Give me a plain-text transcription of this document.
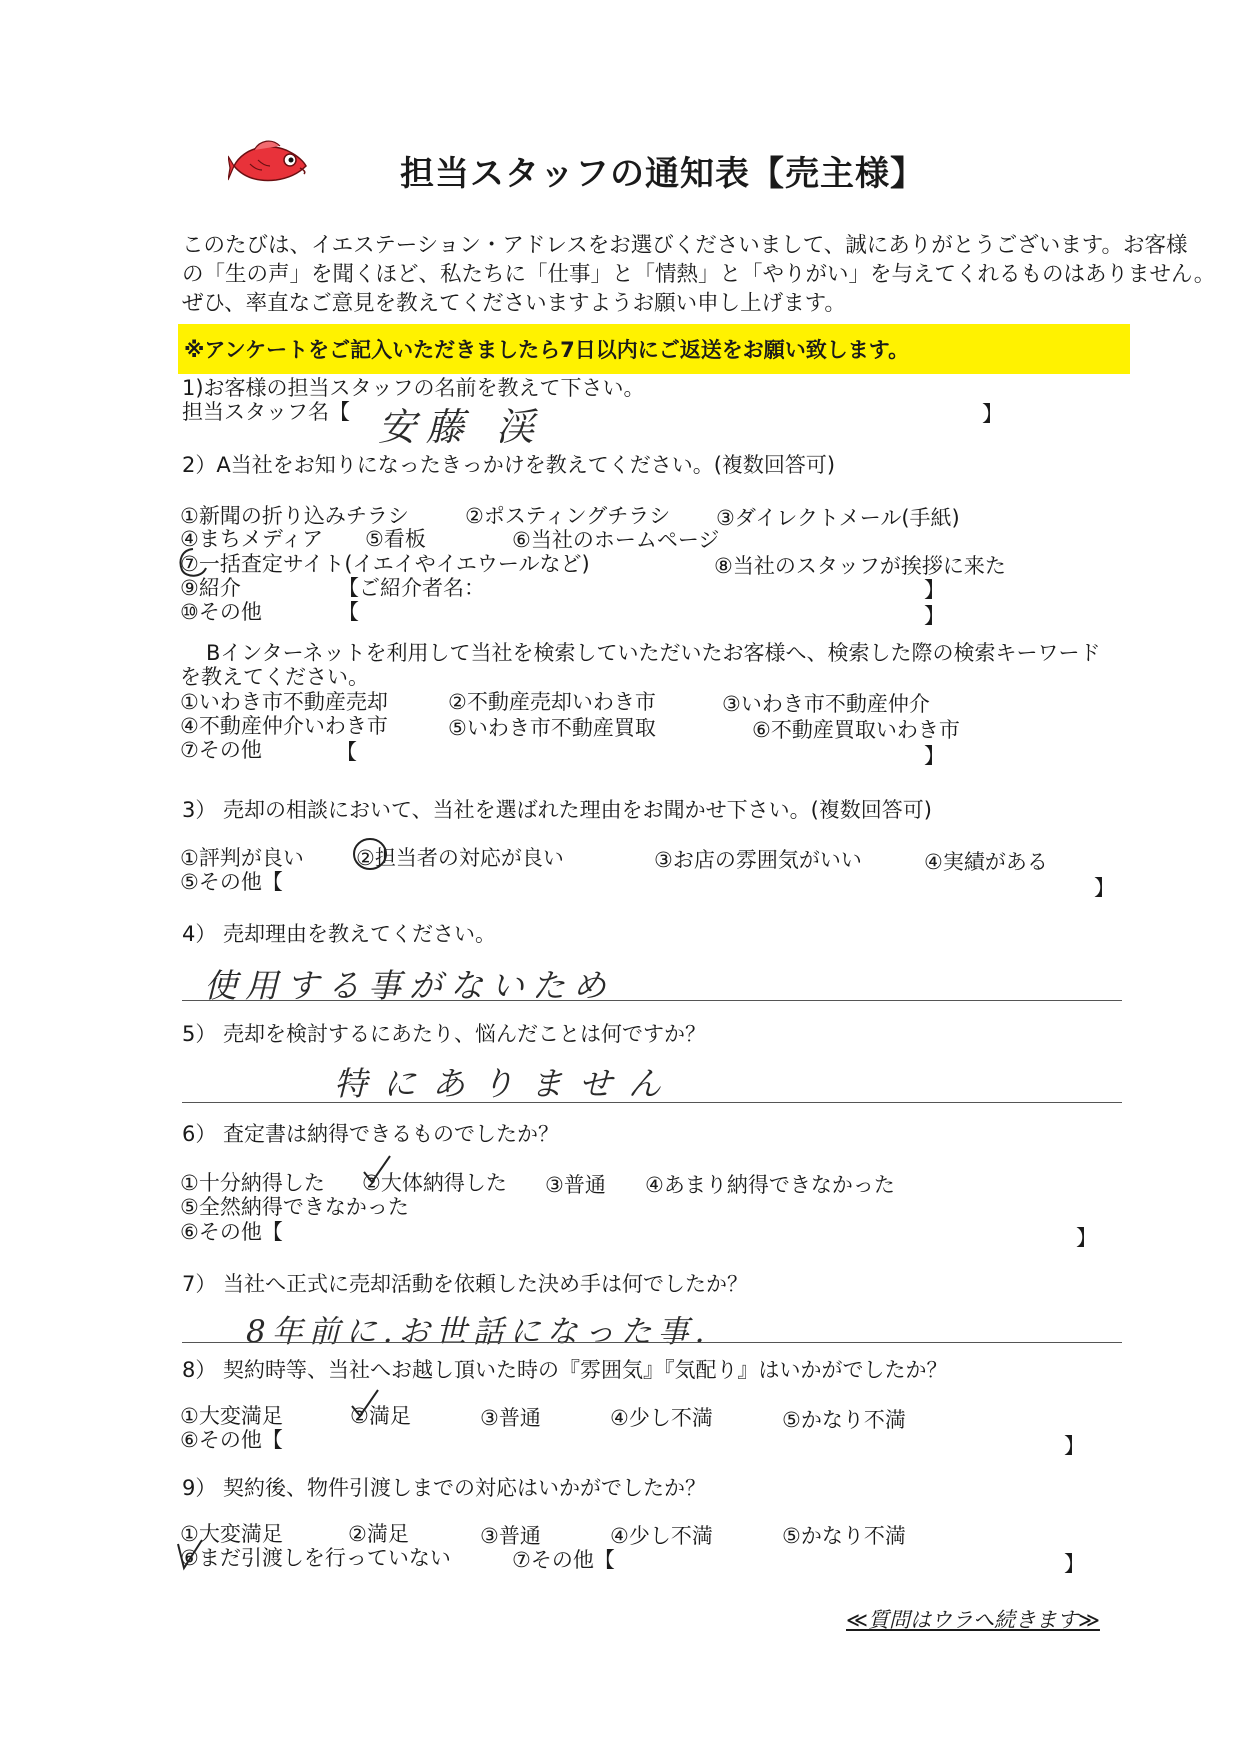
担当スタッフの通知表【売主様】
このたびは、イエステーション・アドレスをお選びくださいまして、誠にありがとうございます。お客様
の「生の声」を聞くほど、私たちに「仕事」と「情熱」と「やりがい」を与えてくれるものはありません。
ぜひ、率直なご意見を教えてくださいますようお願い申し上げます。
※アンケートをご記入いただきましたら7日以内にご返送をお願い致します。
1)お客様の担当スタッフの名前を教えて下さい。
担当スタッフ名【 安藤 渓	】
2）A当社をお知りになったきっかけを教えてください。(複数回答可)
①新聞の折り込みチラシ	②ポスティングチラシ ③ダイレクトメール(手紙)
④まちメディア ⑤看板	⑥当社のホームページ
⑦一括査定サイト(イエイやイエウールなど)	⑧当社のスタッフが挨拶に来た
⑨紹介	【ご紹介者名：	】
⑩その他	【	】
Bインターネットを利用して当社を検索していただいたお客様へ、検索した際の検索キーワード
を教えてください。
①いわき市不動産売却	②不動産売却いわき市	③いわき市不動産仲介
④不動産仲介いわき市	⑤いわき市不動産買取	⑥不動産買取いわき市
⑦その他	【	】
3） 売却の相談において、当社を選ばれた理由をお聞かせ下さい。(複数回答可)
①評判が良い ②担当者の対応が良い	③お店の雰囲気がいい	④実績がある
⑤その他【	】
4） 売却理由を教えてください。
使用する事がないため
5） 売却を検討するにあたり、悩んだことは何ですか？
特にありません
6） 査定書は納得できるものでしたか？
①十分納得した ②大体納得した ③普通 ④あまり納得できなかった
⑤全然納得できなかった
⑥その他【	】
7） 当社へ正式に売却活動を依頼した決め手は何でしたか？
8年前に.お世話になった事.
8） 契約時等、当社へお越し頂いた時の『雰囲気』『気配り』はいかがでしたか？
①大変満足	②満足	③普通	④少し不満	⑤かなり不満
⑥その他【	】
9） 契約後、物件引渡しまでの対応はいかがでしたか？
①大変満足	②満足	③普通	④少し不満	⑤かなり不満
⑥まだ引渡しを行っていない	⑦その他【	】
≪質問はウラへ続きます≫
